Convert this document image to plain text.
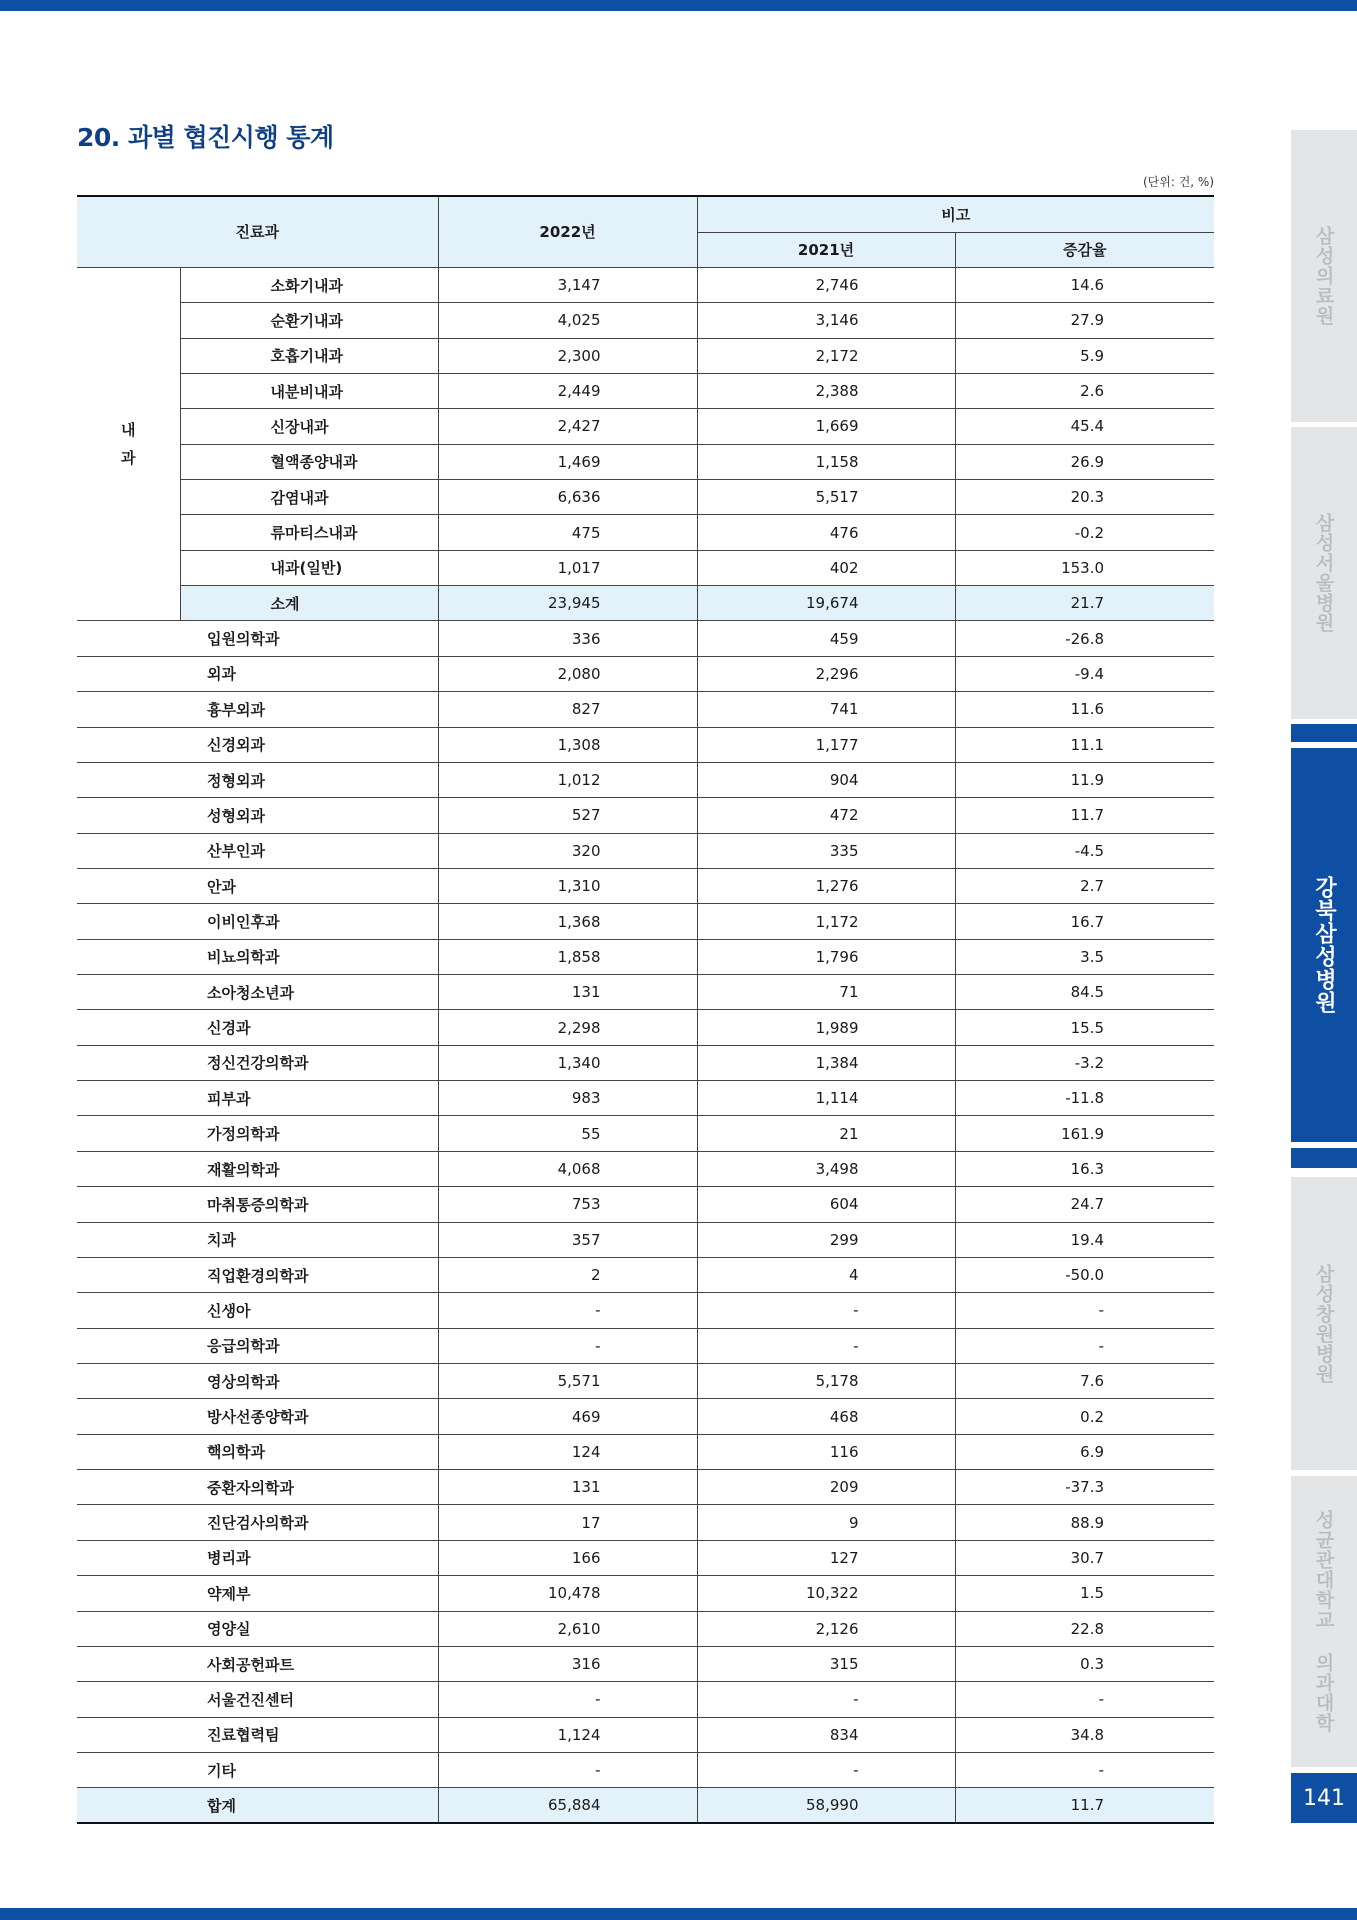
20. 과별 협진시행 통계
(단위: 건, %)
진료과		2022년	비고	
			2021년	증감율
내
과	소화기내과	3,147	2,746	14.6
	순환기내과	4,025	3,146	27.9
	호흡기내과	2,300	2,172	5.9
	내분비내과	2,449	2,388	2.6
	신장내과	2,427	1,669	45.4
	혈액종양내과	1,469	1,158	26.9
	감염내과	6,636	5,517	20.3
	류마티스내과	475	476	-0.2
	내과(일반)	1,017	402	153.0
	소계	23,945	19,674	21.7
입원의학과		336	459	-26.8
외과		2,080	2,296	-9.4
흉부외과		827	741	11.6
신경외과		1,308	1,177	11.1
정형외과		1,012	904	11.9
성형외과		527	472	11.7
산부인과		320	335	-4.5
안과		1,310	1,276	2.7
이비인후과		1,368	1,172	16.7
비뇨의학과		1,858	1,796	3.5
소아청소년과		131	71	84.5
신경과		2,298	1,989	15.5
정신건강의학과		1,340	1,384	-3.2
피부과		983	1,114	-11.8
가정의학과		55	21	161.9
재활의학과		4,068	3,498	16.3
마취통증의학과		753	604	24.7
치과		357	299	19.4
직업환경의학과		2	4	-50.0
신생아		-	-	-
응급의학과		-	-	-
영상의학과		5,571	5,178	7.6
방사선종양학과		469	468	0.2
핵의학과		124	116	6.9
중환자의학과		131	209	-37.3
진단검사의학과		17	9	88.9
병리과		166	127	30.7
약제부		10,478	10,322	1.5
영양실		2,610	2,126	22.8
사회공헌파트		316	315	0.3
서울건진센터		-	-	-
진료협력팀		1,124	834	34.8
기타		-	-	-
합계		65,884	58,990	11.7
삼성의료원
삼성서울병원
강북삼성병원
삼성창원병원
성균관대학교 의과대학
141
